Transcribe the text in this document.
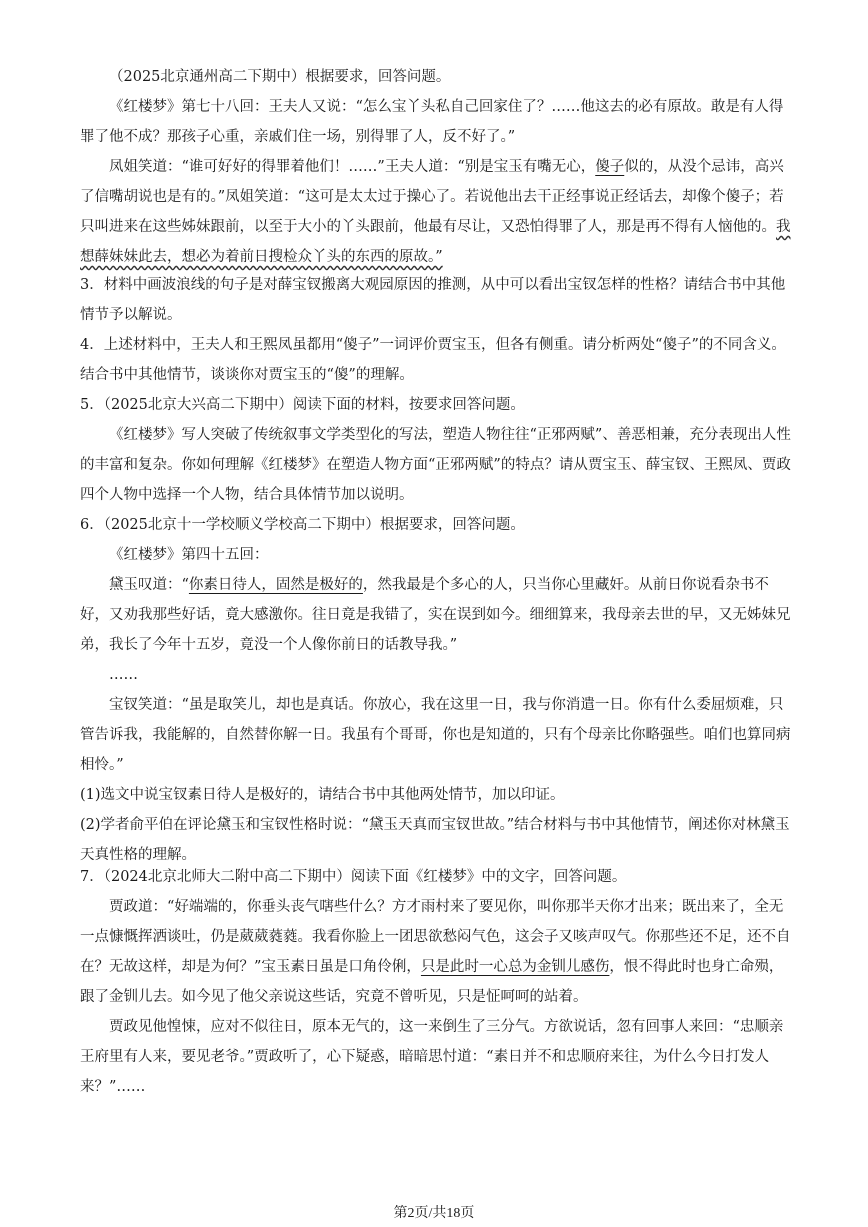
（2025北京通州高二下期中）根据要求，回答问题。
《红楼梦》第七十八回：王夫人又说：“怎么宝丫头私自己回家住了？……他这去的必有原故。敢是有人得罪了他不成？那孩子心重，亲戚们住一场，别得罪了人，反不好了。”
凤姐笑道：“谁可好好的得罪着他们！……”王夫人道：“别是宝玉有嘴无心，傻子似的，从没个忌讳，高兴了信嘴胡说也是有的。”凤姐笑道：“这可是太太过于操心了。若说他出去干正经事说正经话去，却像个傻子；若只叫进来在这些姊妹跟前，以至于大小的丫头跟前，他最有尽让，又恐怕得罪了人，那是再不得有人恼他的。我想薛妹妹此去，想必为着前日搜检众丫头的东西的原故。”
3．材料中画波浪线的句子是对薛宝钗搬离大观园原因的推测，从中可以看出宝钗怎样的性格？请结合书中其他情节予以解说。
4．上述材料中，王夫人和王熙凤虽都用“傻子”一词评价贾宝玉，但各有侧重。请分析两处“傻子”的不同含义。结合书中其他情节，谈谈你对贾宝玉的“傻”的理解。
5．（2025北京大兴高二下期中）阅读下面的材料，按要求回答问题。
《红楼梦》写人突破了传统叙事文学类型化的写法，塑造人物往往“正邪两赋”、善恶相兼，充分表现出人性的丰富和复杂。你如何理解《红楼梦》在塑造人物方面“正邪两赋”的特点？请从贾宝玉、薛宝钗、王熙凤、贾政四个人物中选择一个人物，结合具体情节加以说明。
6．（2025北京十一学校顺义学校高二下期中）根据要求，回答问题。
《红楼梦》第四十五回：
黛玉叹道：“你素日待人，固然是极好的，然我最是个多心的人，只当你心里藏奸。从前日你说看杂书不好，又劝我那些好话，竟大感激你。往日竟是我错了，实在误到如今。细细算来，我母亲去世的早，又无姊妹兄弟，我长了今年十五岁，竟没一个人像你前日的话教导我。”
……
宝钗笑道：“虽是取笑儿，却也是真话。你放心，我在这里一日，我与你消遣一日。你有什么委屈烦难，只管告诉我，我能解的，自然替你解一日。我虽有个哥哥，你也是知道的，只有个母亲比你略强些。咱们也算同病相怜。”
(1)选文中说宝钗素日待人是极好的，请结合书中其他两处情节，加以印证。
(2)学者俞平伯在评论黛玉和宝钗性格时说：“黛玉天真而宝钗世故。”结合材料与书中其他情节，阐述你对林黛玉天真性格的理解。
7．（2024北京北师大二附中高二下期中）阅读下面《红楼梦》中的文字，回答问题。
贾政道：“好端端的，你垂头丧气嗐些什么？方才雨村来了要见你，叫你那半天你才出来；既出来了，全无一点慷慨挥洒谈吐，仍是葳葳蕤蕤。我看你脸上一团思欲愁闷气色，这会子又咳声叹气。你那些还不足，还不自在？无故这样，却是为何？”宝玉素日虽是口角伶俐，只是此时一心总为金钏儿感伤，恨不得此时也身亡命殒，跟了金钏儿去。如今见了他父亲说这些话，究竟不曾听见，只是怔呵呵的站着。
贾政见他惶悚，应对不似往日，原本无气的，这一来倒生了三分气。方欲说话，忽有回事人来回：“忠顺亲王府里有人来，要见老爷。”贾政听了，心下疑惑，暗暗思忖道：“素日并不和忠顺府来往，为什么今日打发人来？”……
第2页/共18页
